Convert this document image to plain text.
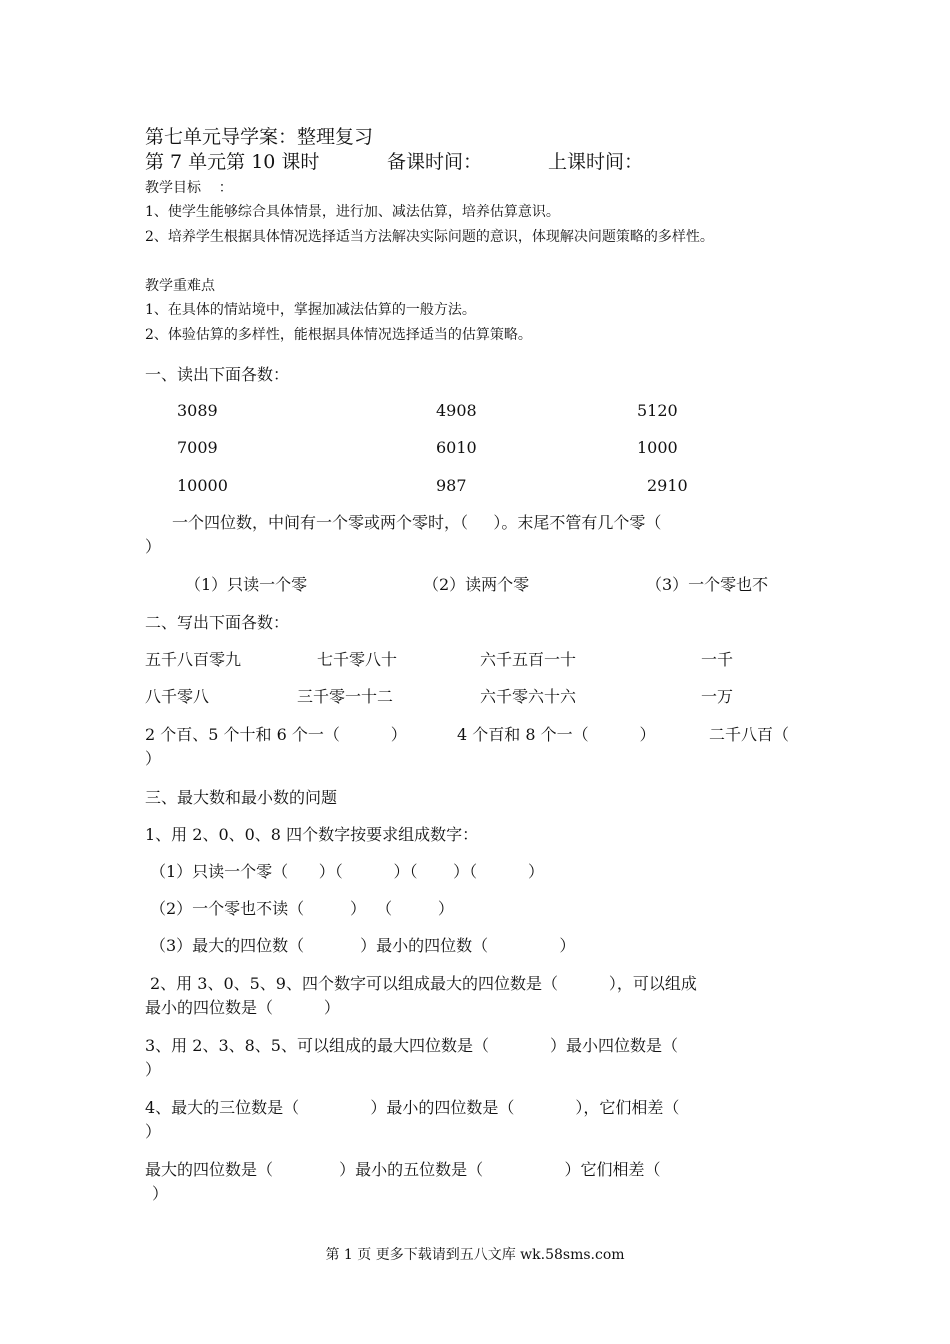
第七单元导学案：整理复习
第 7 单元第 10 课时	备课时间：	上课时间：
教学目标    ：
1、使学生能够综合具体情景，进行加、减法估算，培养估算意识。
2、培养学生根据具体情况选择适当方法解决实际问题的意识，体现解决问题策略的多样性。
教学重难点
1、在具体的情站境中，掌握加减法估算的一般方法。
2、体验估算的多样性，能根据具体情况选择适当的估算策略。
一、读出下面各数：
3089	4908	5120
7009	6010	1000
10000	987	2910
一个四位数，中间有一个零或两个零时，（     ）。末尾不管有几个零（
）
（1）只读一个零	（2）读两个零	（3）一个零也不
二、写出下面各数：
五千八百零九	七千零八十	六千五百一十	一千
八千零八	三千零一十二	六千零六十六	一万
2 个百、5 个十和 6 个一（          ）	4 个百和 8 个一（          ）	二千八百（
）
三、最大数和最小数的问题
1、用 2、0、0、8 四个数字按要求组成数字：
（1）只读一个零（      ）（          ）（       ）（          ）
（2）一个零也不读（         ）  （         ）
（3）最大的四位数（           ）最小的四位数（              ）
2、用 3、0、5、9、四个数字可以组成最大的四位数是（          ），可以组成
最小的四位数是（          ）
3、用 2、3、8、5、可以组成的最大四位数是（            ）最小四位数是（
）
4、最大的三位数是（              ）最小的四位数是（            ），它们相差（
）
最大的四位数是（             ）最小的五位数是（                ）它们相差（
）
第 1 页 更多下载请到五八文库 wk.58sms.com
